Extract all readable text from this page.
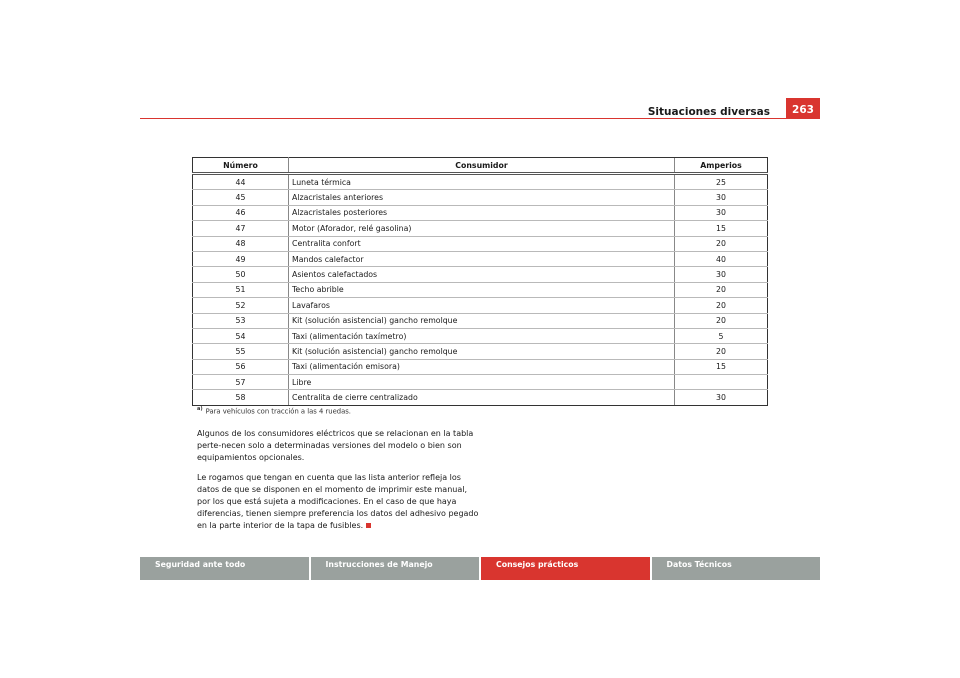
Situaciones diversas	263
Número	Consumidor	Amperios
44	Luneta térmica	25
45	Alzacristales anteriores	30
46	Alzacristales posteriores	30
47	Motor (Aforador, relé gasolina)	15
48	Centralita confort	20
49	Mandos calefactor	40
50	Asientos calefactados	30
51	Techo abrible	20
52	Lavafaros	20
53	Kit (solución asistencial) gancho remolque	20
54	Taxi (alimentación taxímetro)	5
55	Kit (solución asistencial) gancho remolque	20
56	Taxi (alimentación emisora)	15
57	Libre	
58	Centralita de cierre centralizado	30
$^{a)}$ Para vehículos con tracción a las 4 ruedas.

Algunos de los consumidores eléctricos que se relacionan en la tabla perte-necen solo a determinadas versiones del modelo o bien son equipamientos opcionales.

Le rogamos que tengan en cuenta que las lista anterior refleja los datos de que se disponen en el momento de imprimir este manual, por los que está sujeta a modificaciones. En el caso de que haya diferencias, tienen siempre preferencia los datos del adhesivo pegado en la parte interior de la tapa de fusibles.

Seguridad ante todo	Instrucciones de Manejo	Consejos prácticos	Datos Técnicos
